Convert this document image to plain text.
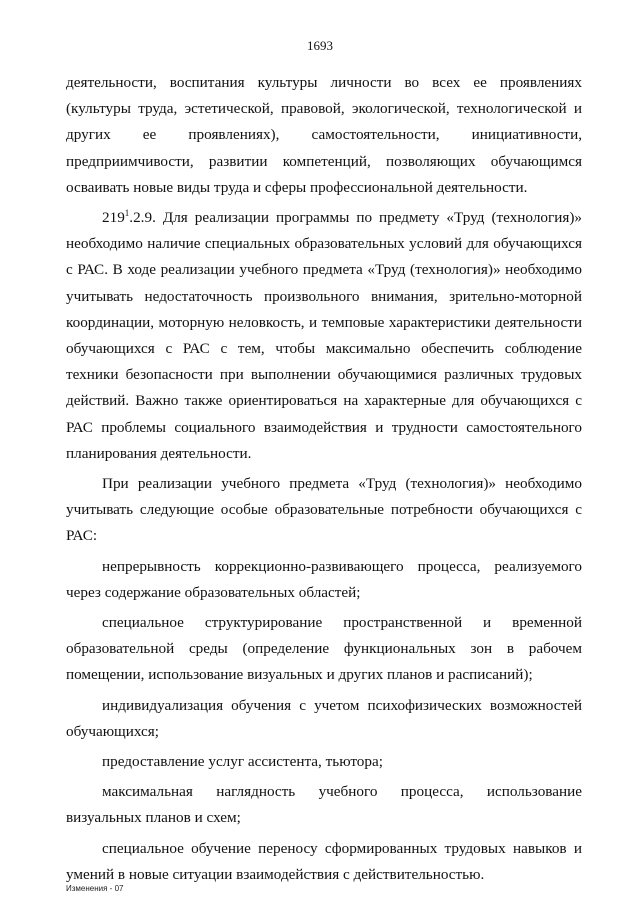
1693

деятельности, воспитания культуры личности во всех ее проявлениях (культуры труда, эстетической, правовой, экологической, технологической и других ее проявлениях), самостоятельности, инициативности, предприимчивости, развитии компетенций, позволяющих обучающимся осваивать новые виды труда и сферы профессиональной деятельности.

$219^1.2.9$. Для реализации программы по предмету «Труд (технология)» необходимо наличие специальных образовательных условий для обучающихся с РАС. В ходе реализации учебного предмета «Труд (технология)» необходимо учитывать недостаточность произвольного внимания, зрительно-моторной координации, моторную неловкость, и темповые характеристики деятельности обучающихся с РАС с тем, чтобы максимально обеспечить соблюдение техники безопасности при выполнении обучающимися различных трудовых действий. Важно также ориентироваться на характерные для обучающихся с РАС проблемы социального взаимодействия и трудности самостоятельного планирования деятельности.

При реализации учебного предмета «Труд (технология)» необходимо учитывать следующие особые образовательные потребности обучающихся с РАС:

непрерывность коррекционно-развивающего процесса, реализуемого через содержание образовательных областей;

специальное структурирование пространственной и временной образовательной среды (определение функциональных зон в рабочем помещении, использование визуальных и других планов и расписаний);

индивидуализация обучения с учетом психофизических возможностей обучающихся;

предоставление услуг ассистента, тьютора;

максимальная наглядность учебного процесса, использование визуальных планов и схем;

специальное обучение переносу сформированных трудовых навыков и умений в новые ситуации взаимодействия с действительностью.

Изменения - 07
